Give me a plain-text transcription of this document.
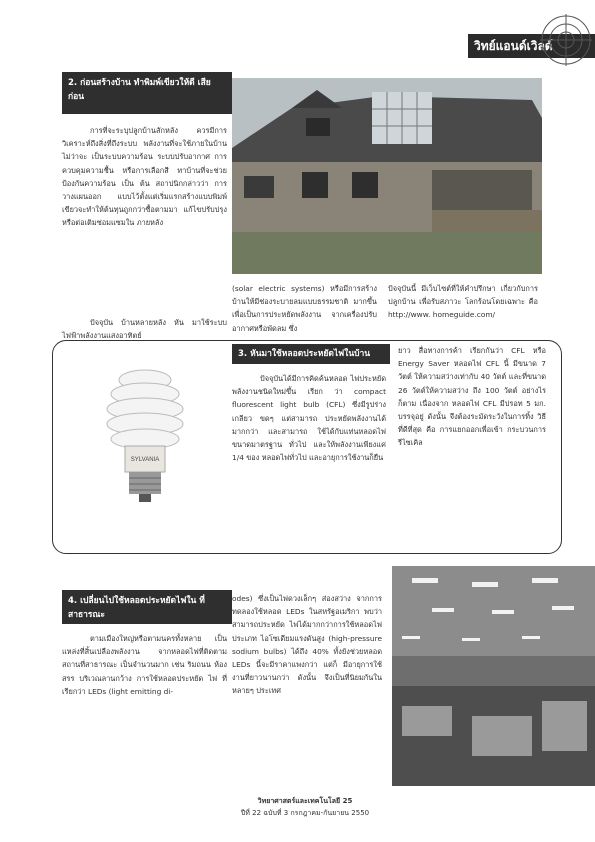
วิทย์แอนด์เวิลด์
2. ก่อนสร้างบ้าน ทำพิมพ์เขียวให้ดี เสียก่อน
การที่จะระบุปลูกบ้านสักหลัง ควรมีการวิเคราะห์ถึงสิ่งที่ถึงระบบ พลังงานที่จะใช้ภายในบ้าน ไม่ว่าจะ เป็นระบบความร้อน ระบบปรับอากาศ การควบคุมความชื้น หรือการเลือกสี ทาบ้านที่จะช่วยป้องกันความร้อน เป็น ต้น สถาปนิกกล่าวว่า การวางแผนออก แบบไว้ตั้งแต่เริ่มแรกสร้างแบบพิมพ์ เขียวจะทำให้ต้นทุนถูกกว่าซื้อตามมา แก้ไขปรับปรุงหรือต่อเติมซ่อมแซมใน ภายหลัง
ปัจจุบัน บ้านหลายหลัง หัน มาใช้ระบบไฟฟ้าพลังงานแสงอาทิตย์
(solar electric systems) หรือมีการสร้าง บ้านให้มีช่องระบายลมแบบธรรมชาติ มากขึ้น เพื่อเป็นการประหยัดพลังงาน จากเครื่องปรับอากาศหรือพัดลม ซึ่ง
ปัจจุบันนี้ มีเว็บไซต์ที่ให้คำปรึกษา เกี่ยวกับการปลูกบ้าน เพื่อรับสภาวะ โลกร้อนโดยเฉพาะ คือ http://www. homeguide.com/
SYLVANIA
3. หันมาใช้หลอดประหยัดไฟในบ้าน
ปัจจุบันได้มีการคิดค้นหลอด ไฟประหยัดพลังงานชนิดใหม่ขึ้น เรียก ว่า compact fluorescent light bulb (CFL) ซึ่งมีรูปร่างเกลียว ขดๆ แต่สามารถ ประหยัดพลังงานได้มากกว่า และสามารถ ใช้ได้กับแท่นหลอดไฟขนาดมาตรฐาน ทั่วไป และให้พลังงานเพียงแค่ 1/4 ของ หลอดไฟทั่วไป และอายุการใช้งานก็ยืน
ยาว สื่อทางการค้า เรียกกันว่า CFL หรือ Energy Saver หลอดไฟ CFL นี้ มีขนาด 7 วัตต์ ให้ความสว่างเท่ากับ 40 วัตต์ และที่ขนาด 26 วัตต์ให้ความสว่าง ถึง 100 วัตต์ อย่างไรก็ตาม เนื่องจาก หลอดไฟ CFL มีปรอท 5 มก. บรรจุอยู่ ดังนั้น จึงต้องระมัดระวังในการทิ้ง วิธีที่ดีที่สุด คือ การแยกออกเพื่อเข้า กระบวนการรีไซเคิล
4. เปลี่ยนไปใช้หลอดประหยัดไฟใน ที่สาธารณะ
ตามเมืองใหญ่หรือตามนครทั้งหลาย เป็นแหล่งที่สิ้นเปลืองพลังงาน จากหลอดไฟที่ติดตามสถานที่สาธารณะ เป็นจำนวนมาก เช่น ริมถนน ห้องสรร บริเวณลานกว้าง การใช้หลอดประหยัด ไฟ ที่เรียกว่า LEDs (light emitting di-
odes) ซึ่งเป็นไฟดวงเล็กๆ ส่องสว่าง จากการทดลองใช้หลอด LEDs ในสหรัฐอเมริกา พบว่า สามารถประหยัด ไฟได้มากกว่าการใช้หลอดไฟประเภท ไอโซเดียมแรงดันสูง (high-pressure sodium bulbs) ได้ถึง 40% ทั้งยังช่วยหลอด LEDs นี้จะมีราคาแพงกว่า แต่ก็ มีอายุการใช้งานที่ยาวนานกว่า ดังนั้น จึงเป็นที่นิยมกันในหลายๆ ประเทศ
วิทยาศาสตร์และเทคโนโลยี 25
ปีที่ 22 ฉบับที่ 3 กรกฎาคม-กันยายน 2550
